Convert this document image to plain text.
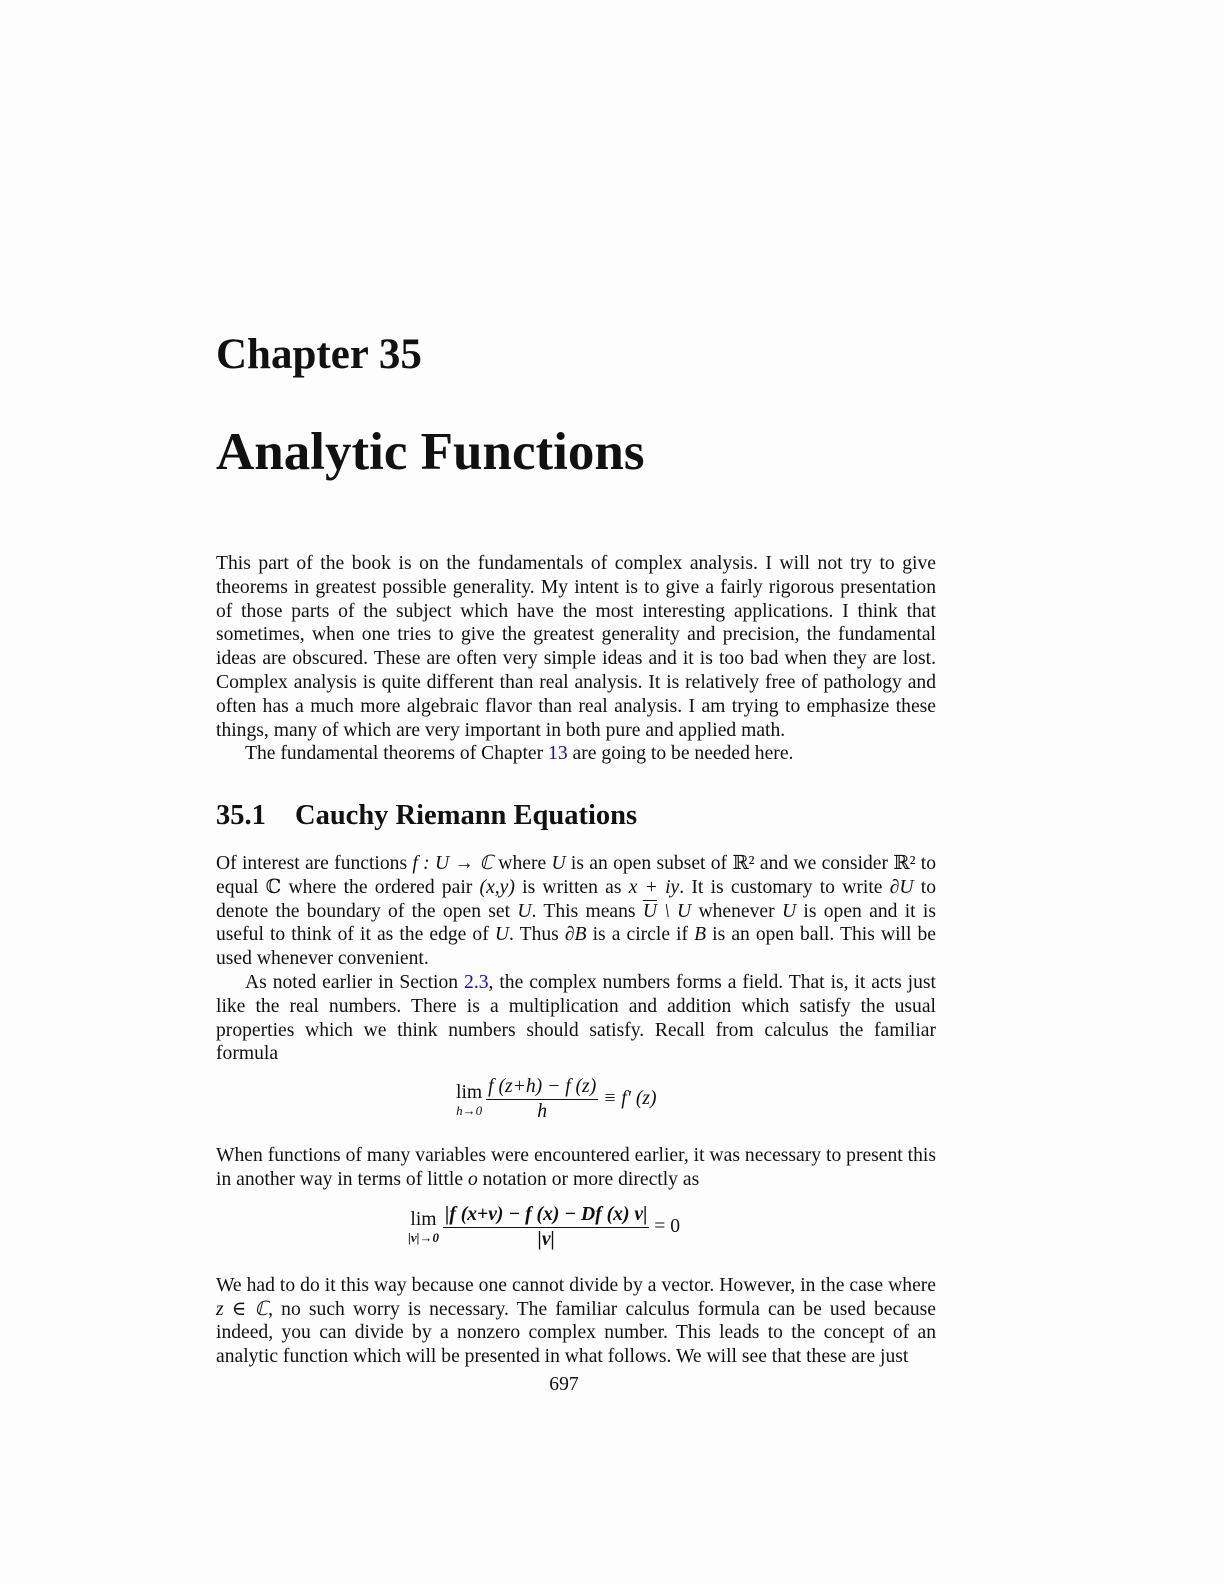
Chapter 35
Analytic Functions

This part of the book is on the fundamentals of complex analysis. I will not try to give theorems in greatest possible generality. My intent is to give a fairly rigorous presentation of those parts of the subject which have the most interesting applications. I think that sometimes, when one tries to give the greatest generality and precision, the fundamental ideas are obscured. These are often very simple ideas and it is too bad when they are lost. Complex analysis is quite different than real analysis. It is relatively free of pathology and often has a much more algebraic flavor than real analysis. I am trying to emphasize these things, many of which are very important in both pure and applied math.

The fundamental theorems of Chapter 13 are going to be needed here.

35.1 Cauchy Riemann Equations

Of interest are functions f : U → ℂ where U is an open subset of ℝ² and we consider ℝ² to equal ℂ where the ordered pair (x,y) is written as x + iy. It is customary to write ∂U to denote the boundary of the open set U. This means $\overline{U}$ \ U whenever U is open and it is useful to think of it as the edge of U. Thus ∂B is a circle if B is an open ball. This will be used whenever convenient.

As noted earlier in Section 2.3, the complex numbers forms a field. That is, it acts just like the real numbers. There is a multiplication and addition which satisfy the usual properties which we think numbers should satisfy. Recall from calculus the familiar formula

lim
$h\to 0 \frac{f (z+h) - f (z)}{h} \equiv f'$ (z)

When functions of many variables were encountered earlier, it was necessary to present this in another way in terms of little o notation or more directly as

lim
$|v|\to 0 \frac{|f (x+v) - f (x) - Df (x) v|}{|v|} = 0$

We had to do it this way because one cannot divide by a vector. However, in the case where z ∈ ℂ, no such worry is necessary. The familiar calculus formula can be used because indeed, you can divide by a nonzero complex number. This leads to the concept of an analytic function which will be presented in what follows. We will see that these are just

697
